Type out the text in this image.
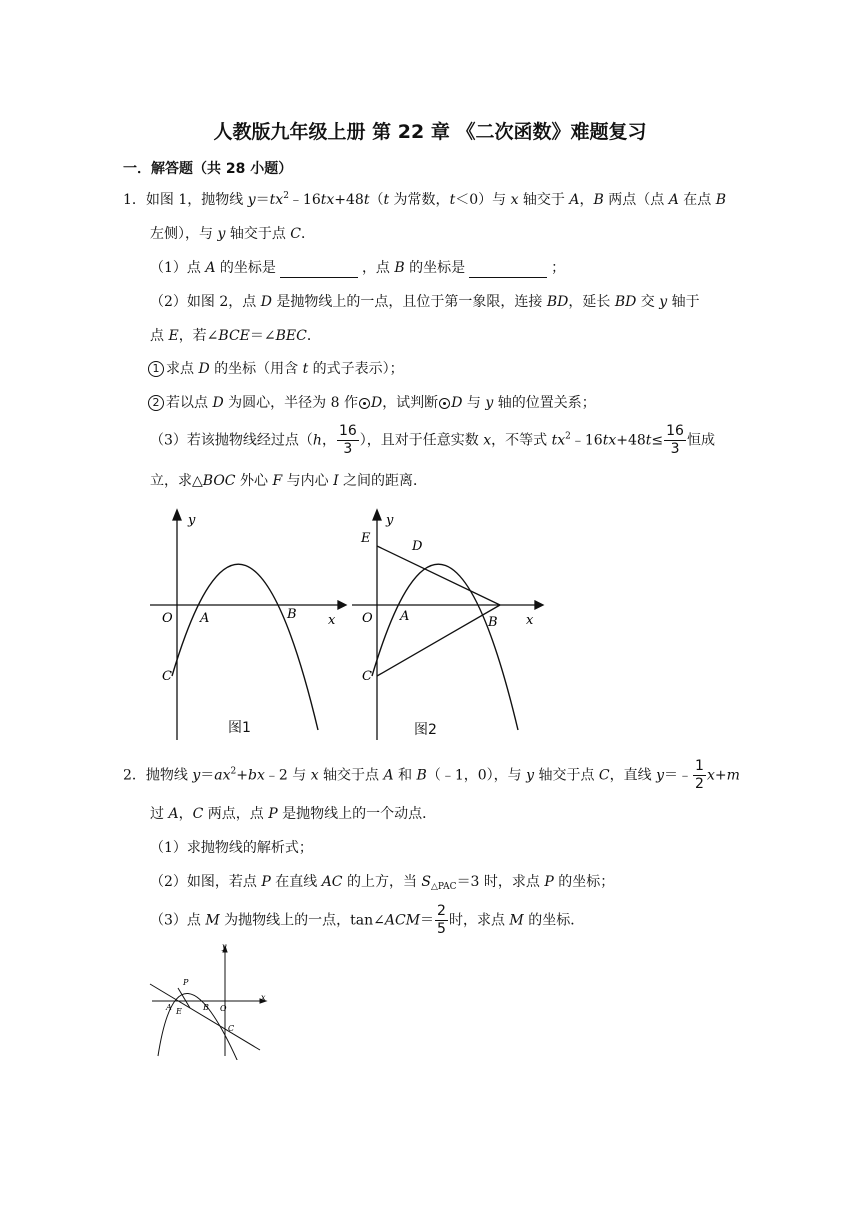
人教版九年级上册 第 22 章 《二次函数》难题复习
一．解答题（共 28 小题）
1．如图 1，抛物线 $y=tx^2﹣16tx+48t(t$ 为常数，t＜0）与 x 轴交于 A，B 两点（点 A 在点 B
左侧），与 y 轴交于点 C．
（1）点 A 的坐标是	，点 B 的坐标是	；
（2）如图 2，点 D 是抛物线上的一点，且位于第一象限，连接 BD，延长 BD 交 y 轴于
点 E，若∠BCE＝∠BEC．
1 求点 D 的坐标（用含 t 的式子表示）；
2 若以点 D 为圆心，半径为 8 作 D，试判断 D 与 y 轴的位置关系；
（3）若该抛物线经过点（h， $\frac{16}{3}$ ），且对于任意实数 x，不等式 $tx^2﹣16tx+48t\le \frac{16}{3}$ 恒成
立，求△BOC 外心 F 与内心 I 之间的距离．
y
x
O A	B
C
图1
y
x
O A	B
C
E
D
图2
2．抛物线 $y=ax^2+bx﹣2$ 与 x 轴交于点 A 和 B（﹣1，0），与 y 轴交于点 C，直线 y＝﹣ $\frac{1}{2} x+m$
过 A，C 两点，点 P 是抛物线上的一个动点．
（1）求抛物线的解析式；
（2）如图，若点 P 在直线 AC 的上方，当 $S_{\triangle PAC}=3$ 时，求点 P 的坐标；
（3）点 M 为抛物线上的一点，tan∠ACM＝ $\frac{2}{5}$ 时，求点 M 的坐标．
y
x
P
A E	B O
C
